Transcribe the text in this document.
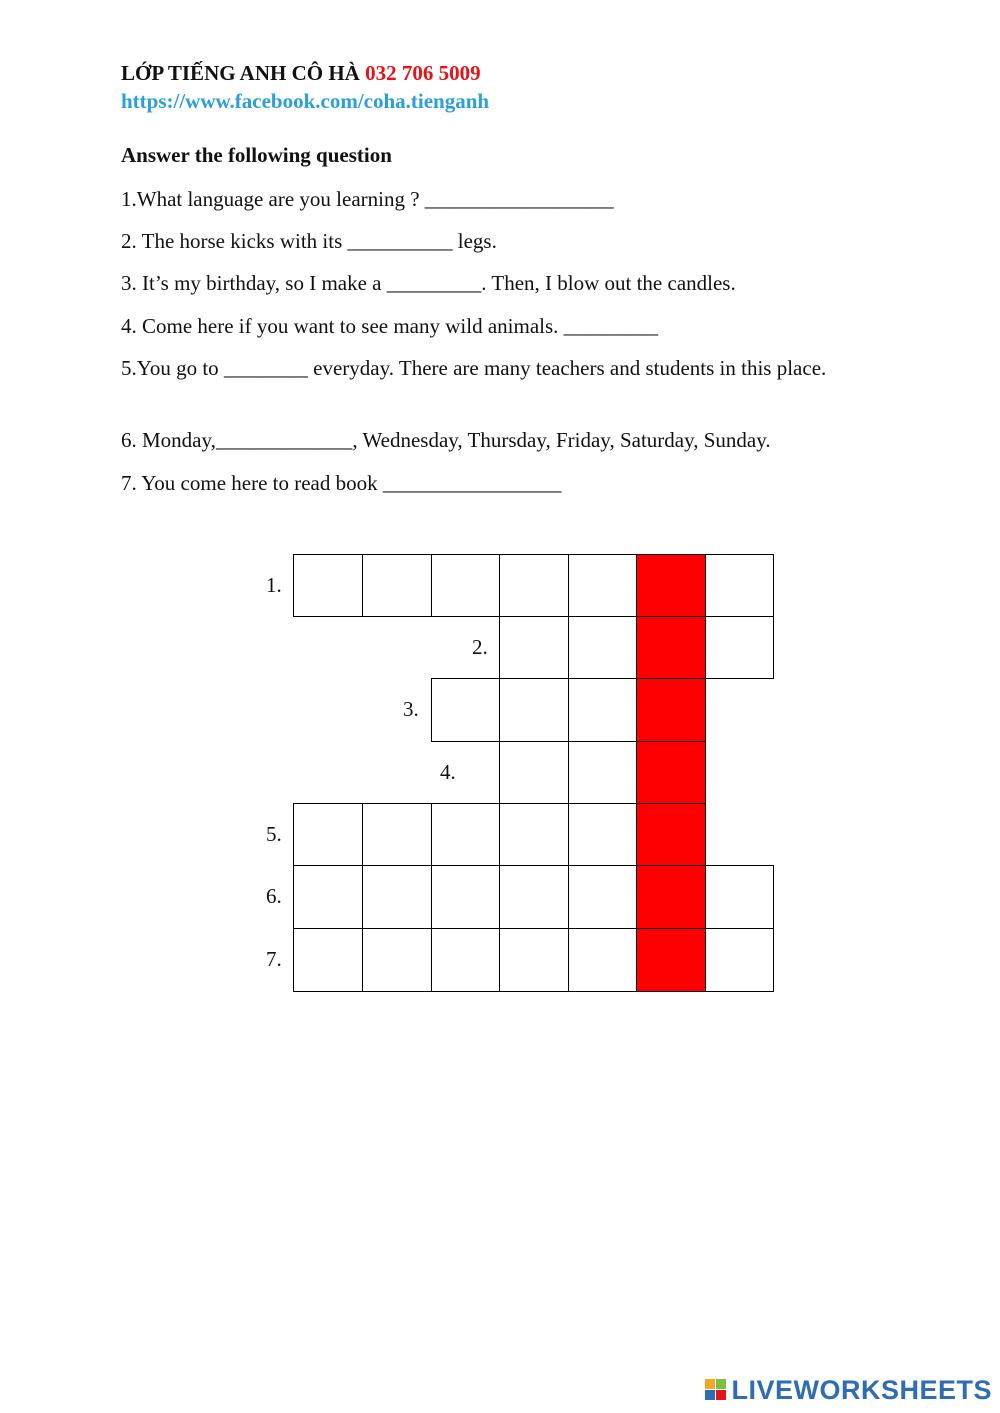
LỚP TIẾNG ANH CÔ HÀ 032 706 5009
https://www.facebook.com/coha.tienganh
Answer the following question
1.What language are you learning ? __________________
2. The horse kicks with its __________ legs.
3. It’s my birthday, so I make a _________. Then, I blow out the candles.
4. Come here if you want to see many wild animals. _________
5.You go to ________ everyday. There are many teachers and students in this place.
6. Monday,_____________, Wednesday, Thursday, Friday, Saturday, Sunday.
7. You come here to read book _________________
1.
2.
3.
4.
5.
6.
7.
LIVEWORKSHEETS
